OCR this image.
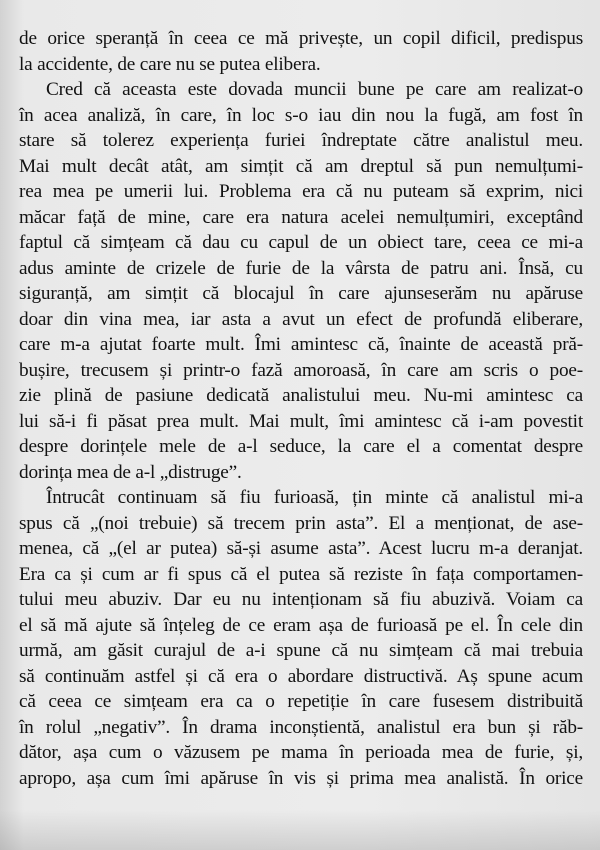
de orice speranță în ceea ce mă privește, un copil dificil, predispus
la accidente, de care nu se putea elibera.
Cred că aceasta este dovada muncii bune pe care am realizat-o
în acea analiză, în care, în loc s-o iau din nou la fugă, am fost în
stare să tolerez experiența furiei îndreptate către analistul meu.
Mai mult decât atât, am simțit că am dreptul să pun nemulțumi-
rea mea pe umerii lui. Problema era că nu puteam să exprim, nici
măcar față de mine, care era natura acelei nemulțumiri, exceptând
faptul că simțeam că dau cu capul de un obiect tare, ceea ce mi-a
adus aminte de crizele de furie de la vârsta de patru ani. Însă, cu
siguranță, am simțit că blocajul în care ajunseserăm nu apăruse
doar din vina mea, iar asta a avut un efect de profundă eliberare,
care m-a ajutat foarte mult. Îmi amintesc că, înainte de această pră-
bușire, trecusem și printr-o fază amoroasă, în care am scris o poe-
zie plină de pasiune dedicată analistului meu. Nu-mi amintesc ca
lui să-i fi păsat prea mult. Mai mult, îmi amintesc că i-am povestit
despre dorințele mele de a-l seduce, la care el a comentat despre
dorința mea de a-l „distruge”.
Întrucât continuam să fiu furioasă, țin minte că analistul mi-a
spus că „(noi trebuie) să trecem prin asta”. El a menționat, de ase-
menea, că „(el ar putea) să-și asume asta”. Acest lucru m-a deranjat.
Era ca și cum ar fi spus că el putea să reziste în fața comportamen-
tului meu abuziv. Dar eu nu intenționam să fiu abuzivă. Voiam ca
el să mă ajute să înțeleg de ce eram așa de furioasă pe el. În cele din
urmă, am găsit curajul de a-i spune că nu simțeam că mai trebuia
să continuăm astfel și că era o abordare distructivă. Aș spune acum
că ceea ce simțeam era ca o repetiție în care fusesem distribuită
în rolul „negativ”. În drama inconștientă, analistul era bun și răb-
dător, așa cum o văzusem pe mama în perioada mea de furie, și,
apropo, așa cum îmi apăruse în vis și prima mea analistă. În orice
